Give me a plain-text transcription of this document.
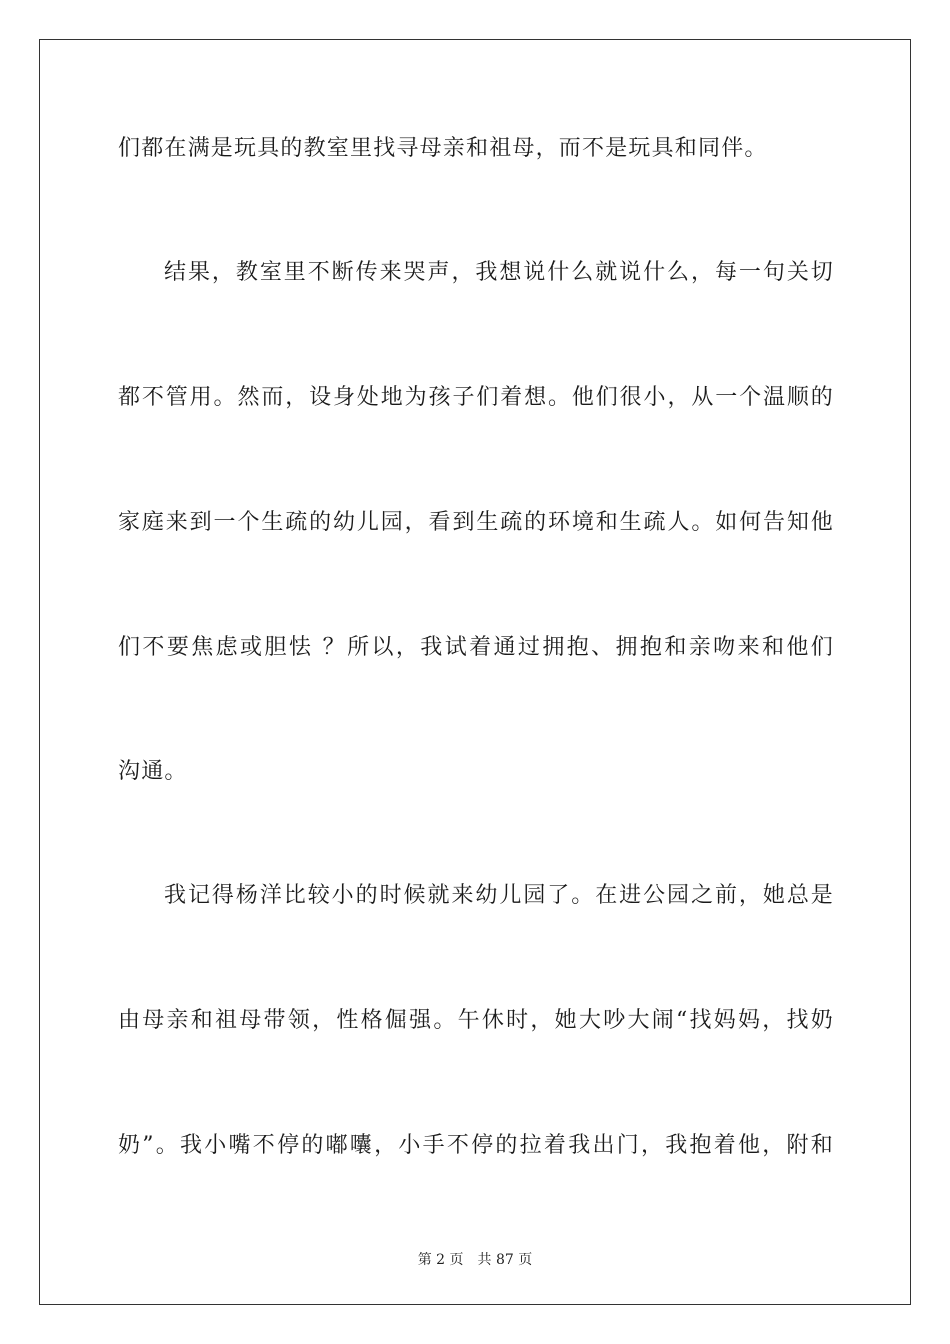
们都在满是玩具的教室里找寻母亲和祖母，而不是玩具和同伴。
结果，教室里不断传来哭声，我想说什么就说什么，每一句关切
都不管用。然而，设身处地为孩子们着想。他们很小，从一个温顺的
家庭来到一个生疏的幼儿园，看到生疏的环境和生疏人。如何告知他
们不要焦虑或胆怯 ？所以，我试着通过拥抱、拥抱和亲吻来和他们
沟通。
我记得杨洋比较小的时候就来幼儿园了。在进公园之前，她总是
由母亲和祖母带领，性格倔强。午休时，她大吵大闹“找妈妈，找奶
奶”。我小嘴不停的嘟囔，小手不停的拉着我出门，我抱着他，附和
第 2 页 共 87 页
